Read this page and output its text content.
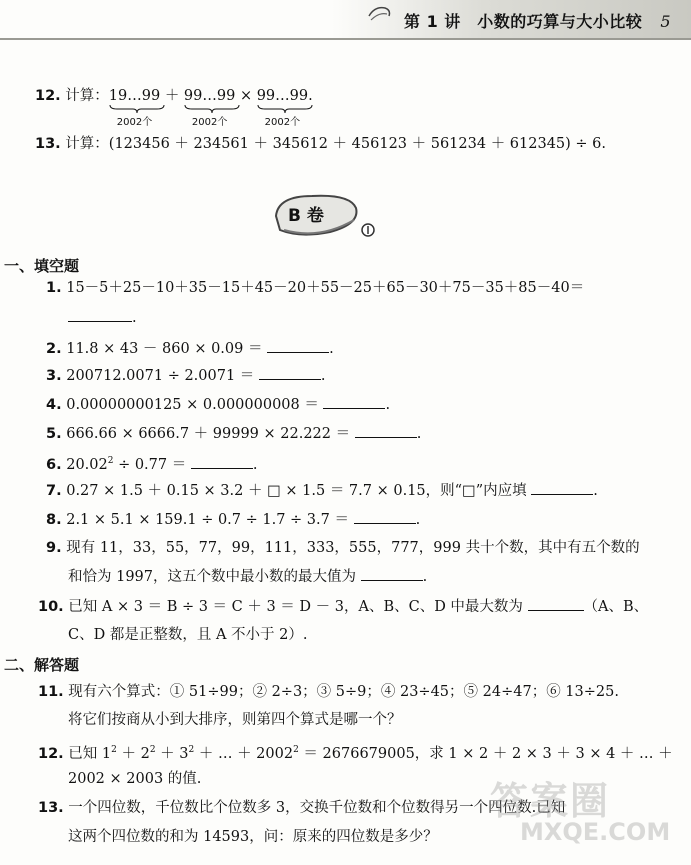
第 1 讲　小数的巧算与大小比较 5
12. 计算：19…99
2002个
＋ 99…99
2002个
× 99…99
2002个
.
13. 计算：(123456 ＋ 234561 ＋ 345612 ＋ 456123 ＋ 561234 ＋ 612345) ÷ 6.
B 卷
一、填空题
1. 15－5＋25－10＋35－15＋45－20＋55－25＋65－30＋75－35＋85－40＝
.
2. 11.8 × 43 － 860 × 0.09 ＝	.
3. 200712.0071 ÷ 2.0071 ＝	.
4. 0.00000000125 × 0.000000008 ＝	.
5. 666.66 × 6666.7 ＋ 99999 × 22.222 ＝	.
6. $20.02^2 \div 0.77$ ＝	.
7. 0.27 × 1.5 ＋ 0.15 × 3.2 ＋ □ × 1.5 ＝ 7.7 × 0.15，则“□”内应填	.
8. 2.1 × 5.1 × 159.1 ÷ 0.7 ÷ 1.7 ÷ 3.7 ＝	.
9. 现有 11，33，55，77，99，111，333，555，777，999 共十个数，其中有五个数的
和恰为 1997，这五个数中最小数的最大值为	.
10. 已知 A × 3 ＝ B ÷ 3 ＝ C ＋ 3 ＝ D － 3，A、B、C、D 中最大数为	（A、B、
C、D 都是正整数，且 A 不小于 2）.
二、解答题
11. 现有六个算式：① 51÷99；② 2÷3；③ 5÷9；④ 23÷45；⑤ 24÷47；⑥ 13÷25.
将它们按商从小到大排序，则第四个算式是哪一个？
12. 已知 $1^2 + 2^2 + 3^2$ ＋ … ＋ $2002^2 = 2676679005$，求 1 × 2 ＋ 2 × 3 ＋ 3 × 4 ＋ … ＋
2002 × 2003 的值.
13. 一个四位数，千位数比个位数多 3，交换千位数和个位数得另一个四位数.已知
这两个四位数的和为 14593，问：原来的四位数是多少？
答案圈
MXQE.COM
